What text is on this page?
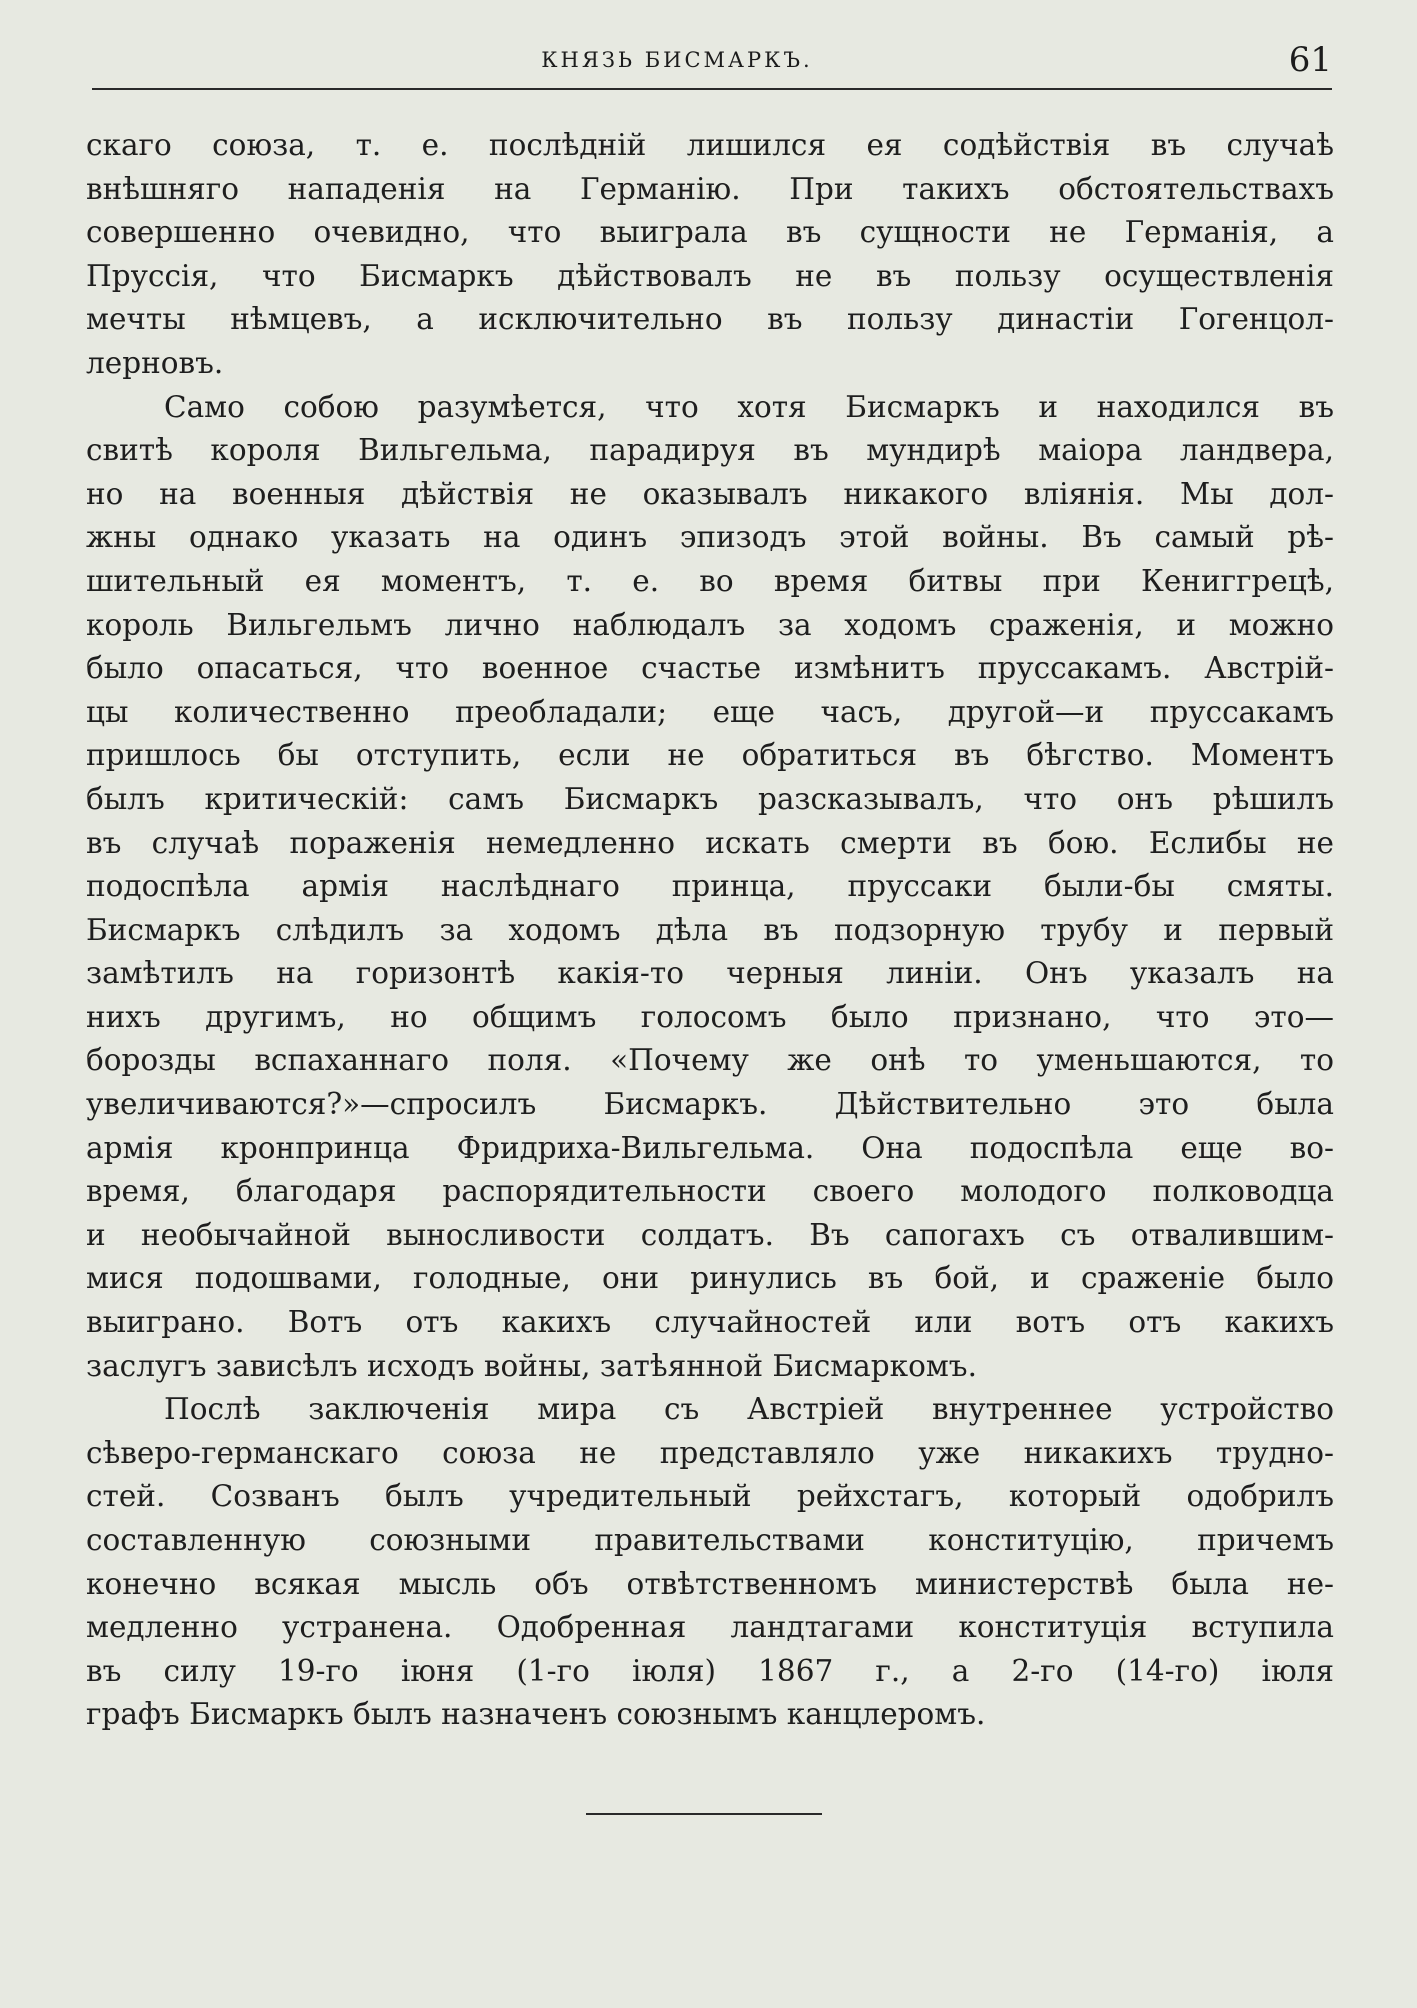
КНЯЗЬ БИСМАРКЪ.	61
скаго союза, т. е. послѣдній лишился ея содѣйствія въ случаѣ
внѣшняго нападенія на Германію. При такихъ обстоятельствахъ
совершенно очевидно, что выиграла въ сущности не Германія, а
Пруссія, что Бисмаркъ дѣйствовалъ не въ пользу осуществленія
мечты нѣмцевъ, а исключительно въ пользу династіи Гогенцол-
лерновъ.
Само собою разумѣется, что хотя Бисмаркъ и находился въ
свитѣ короля Вильгельма, парадируя въ мундирѣ маіора ландвера,
но на военныя дѣйствія не оказывалъ никакого вліянія. Мы дол-
жны однако указать на одинъ эпизодъ этой войны. Въ самый рѣ-
шительный ея моментъ, т. е. во время битвы при Кениггрецѣ,
король Вильгельмъ лично наблюдалъ за ходомъ сраженія, и можно
было опасаться, что военное счастье измѣнитъ пруссакамъ. Австрій-
цы количественно преобладали; еще часъ, другой—и пруссакамъ
пришлось бы отступить, если не обратиться въ бѣгство. Моментъ
былъ критическій: самъ Бисмаркъ разсказывалъ, что онъ рѣшилъ
въ случаѣ пораженія немедленно искать смерти въ бою. Еслибы не
подоспѣла армія наслѣднаго принца, пруссаки были-бы смяты.
Бисмаркъ слѣдилъ за ходомъ дѣла въ подзорную трубу и первый
замѣтилъ на горизонтѣ какія-то черныя линіи. Онъ указалъ на
нихъ другимъ, но общимъ голосомъ было признано, что это—
борозды вспаханнаго поля. «Почему же онѣ то уменьшаются, то
увеличиваются?»—спросилъ Бисмаркъ. Дѣйствительно это была
армія кронпринца Фридриха-Вильгельма. Она подоспѣла еще во-
время, благодаря распорядительности своего молодого полководца
и необычайной выносливости солдатъ. Въ сапогахъ съ отвалившим-
мися подошвами, голодные, они ринулись въ бой, и сраженіе было
выиграно. Вотъ отъ какихъ случайностей или вотъ отъ какихъ
заслугъ зависѣлъ исходъ войны, затѣянной Бисмаркомъ.
Послѣ заключенія мира съ Австріей внутреннее устройство
сѣверо-германскаго союза не представляло уже никакихъ трудно-
стей. Созванъ былъ учредительный рейхстагъ, который одобрилъ
составленную союзными правительствами конституцію, причемъ
конечно всякая мысль объ отвѣтственномъ министерствѣ была не-
медленно устранена. Одобренная ландтагами конституція вступила
въ силу 19-го іюня (1-го іюля) 1867 г., а 2-го (14-го) іюля
графъ Бисмаркъ былъ назначенъ союзнымъ канцлеромъ.
